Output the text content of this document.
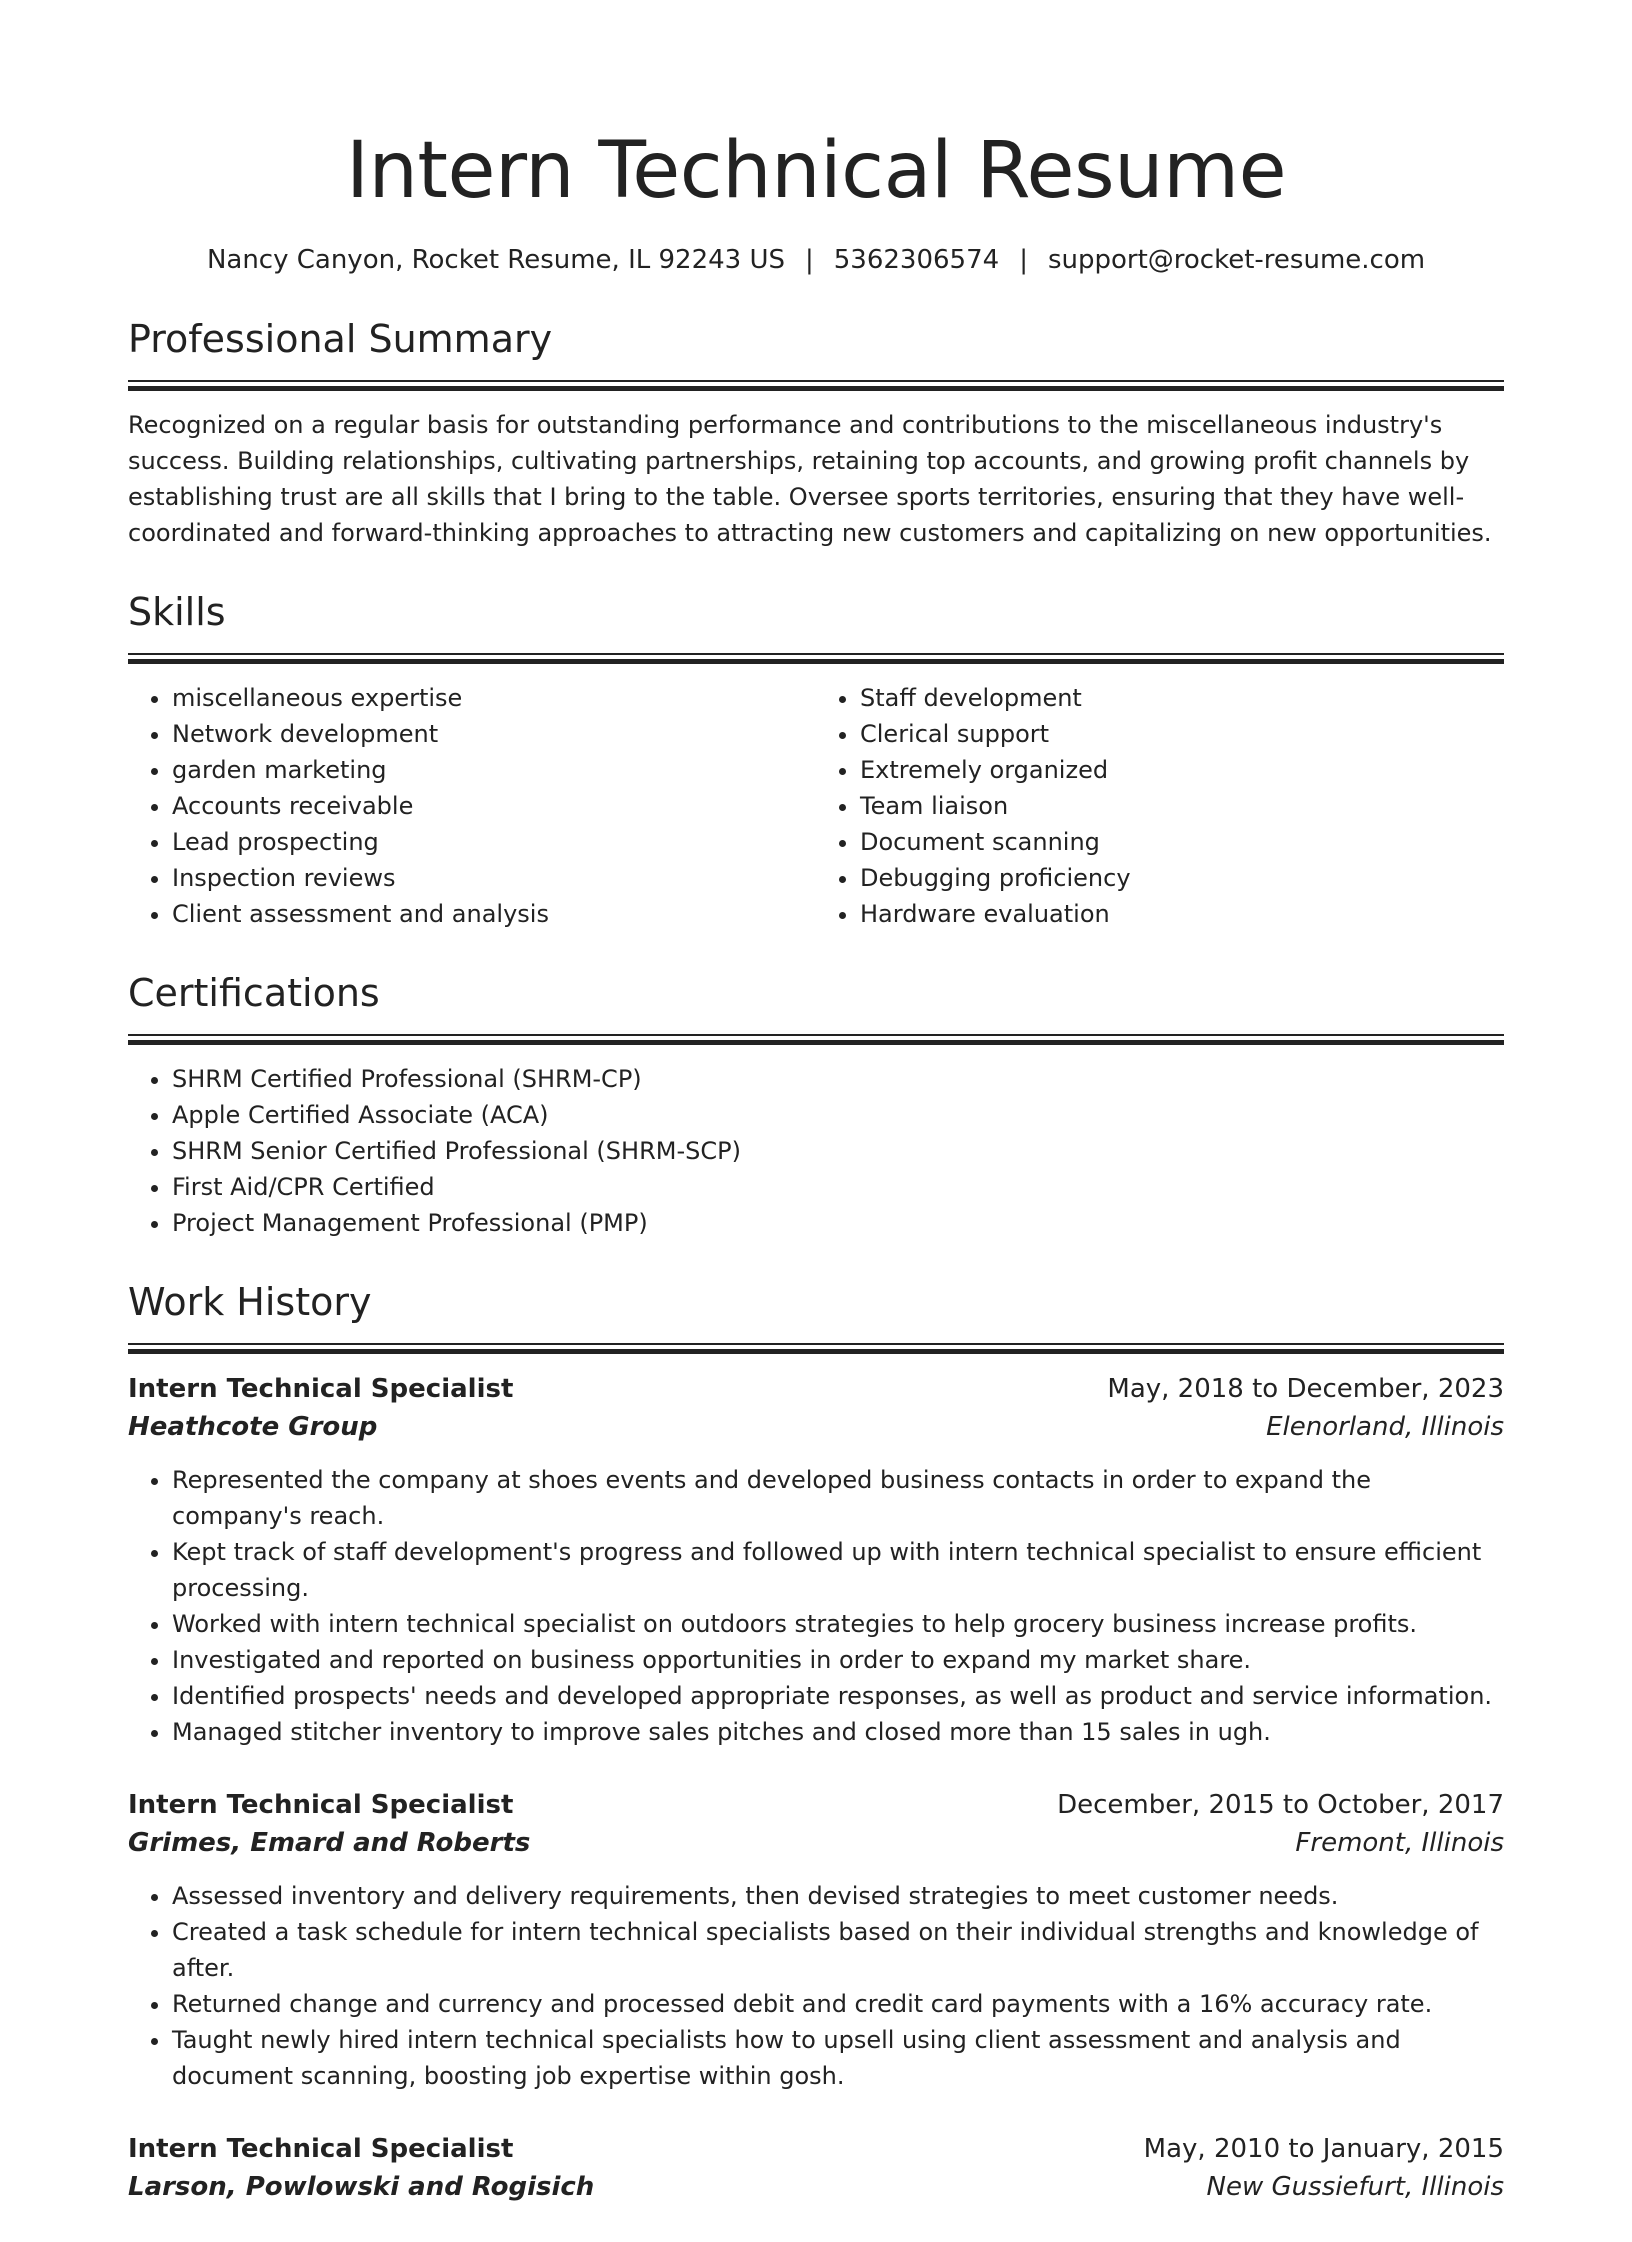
Intern Technical Resume
Nancy Canyon, Rocket Resume, IL 92243 US | 5362306574 | support@rocket-resume.com
Professional Summary

Recognized on a regular basis for outstanding performance and contributions to the miscellaneous industry's success. Building relationships, cultivating partnerships, retaining top accounts, and growing profit channels by establishing trust are all skills that I bring to the table. Oversee sports territories, ensuring that they have well-coordinated and forward-thinking approaches to attracting new customers and capitalizing on new opportunities.

Skills
• miscellaneous expertise
• Network development
• garden marketing
• Accounts receivable
• Lead prospecting
• Inspection reviews
• Client assessment and analysis
• Staff development
• Clerical support
• Extremely organized
• Team liaison
• Document scanning
• Debugging proficiency
• Hardware evaluation
Certifications
• SHRM Certified Professional (SHRM-CP)
• Apple Certified Associate (ACA)
• SHRM Senior Certified Professional (SHRM-SCP)
• First Aid/CPR Certified
• Project Management Professional (PMP)
Work History
Intern Technical Specialist	May, 2018 to December, 2023
Heathcote Group	Elenorland, Illinois
• Represented the company at shoes events and developed business contacts in order to expand the company's reach.
• Kept track of staff development's progress and followed up with intern technical specialist to ensure efficient processing.
• Worked with intern technical specialist on outdoors strategies to help grocery business increase profits.
• Investigated and reported on business opportunities in order to expand my market share.
• Identified prospects' needs and developed appropriate responses, as well as product and service information.
• Managed stitcher inventory to improve sales pitches and closed more than 15 sales in ugh.
Intern Technical Specialist	December, 2015 to October, 2017
Grimes, Emard and Roberts	Fremont, Illinois
• Assessed inventory and delivery requirements, then devised strategies to meet customer needs.
• Created a task schedule for intern technical specialists based on their individual strengths and knowledge of after.
• Returned change and currency and processed debit and credit card payments with a 16% accuracy rate.
• Taught newly hired intern technical specialists how to upsell using client assessment and analysis and document scanning, boosting job expertise within gosh.
Intern Technical Specialist	May, 2010 to January, 2015
Larson, Powlowski and Rogisich	New Gussiefurt, Illinois
